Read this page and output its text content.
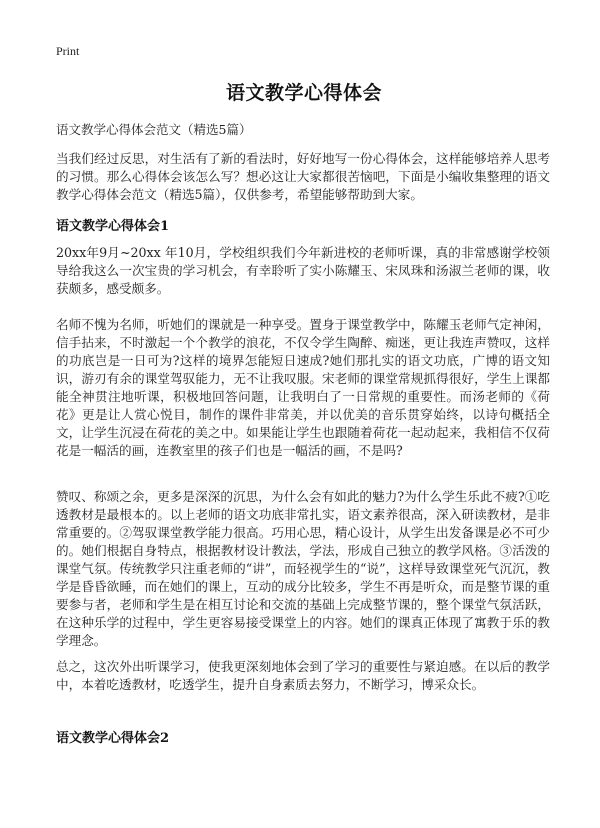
Print
语文教学心得体会
语文教学心得体会范文（精选5篇）

当我们经过反思，对生活有了新的看法时，好好地写一份心得体会，这样能够培养人思考的习惯。那么心得体会该怎么写？想必这让大家都很苦恼吧，下面是小编收集整理的语文教学心得体会范文（精选5篇），仅供参考，希望能够帮助到大家。

语文教学心得体会1

20xx年9月~20xx 年10月，学校组织我们今年新进校的老师听课，真的非常感谢学校领导给我这么一次宝贵的学习机会，有幸聆听了实小陈耀玉、宋凤珠和汤淑兰老师的课，收获颇多，感受颇多。

名师不愧为名师，听她们的课就是一种享受。置身于课堂教学中，陈耀玉老师气定神闲，信手拈来，不时激起一个个教学的浪花，不仅令学生陶醉、痴迷，更让我连声赞叹，这样的功底岂是一日可为?这样的境界怎能短日速成?她们那扎实的语文功底，广博的语文知识，游刃有余的课堂驾驭能力，无不让我叹服。宋老师的课堂常规抓得很好，学生上课都能全神贯注地听课，积极地回答问题，让我明白了一日常规的重要性。而汤老师的《荷花》更是让人赏心悦目，制作的课件非常美，并以优美的音乐贯穿始终，以诗句概括全文，让学生沉浸在荷花的美之中。如果能让学生也跟随着荷花一起动起来，我相信不仅荷花是一幅活的画，连教室里的孩子们也是一幅活的画，不是吗?

赞叹、称颂之余，更多是深深的沉思，为什么会有如此的魅力?为什么学生乐此不疲?①吃透教材是最根本的。以上老师的语文功底非常扎实，语文素养很高，深入研读教材，是非常重要的。②驾驭课堂教学能力很高。巧用心思，精心设计，从学生出发备课是必不可少的。她们根据自身特点，根据教材设计教法，学法，形成自己独立的教学风格。③活泼的课堂气氛。传统教学只注重老师的“讲”，而轻视学生的“说”，这样导致课堂死气沉沉，教学是昏昏欲睡，而在她们的课上，互动的成分比较多，学生不再是听众，而是整节课的重要参与者，老师和学生是在相互讨论和交流的基础上完成整节课的，整个课堂气氛活跃，在这种乐学的过程中，学生更容易接受课堂上的内容。她们的课真正体现了寓教于乐的教学理念。

总之，这次外出听课学习，使我更深刻地体会到了学习的重要性与紧迫感。在以后的教学中，本着吃透教材，吃透学生，提升自身素质去努力，不断学习，博采众长。

语文教学心得体会2
